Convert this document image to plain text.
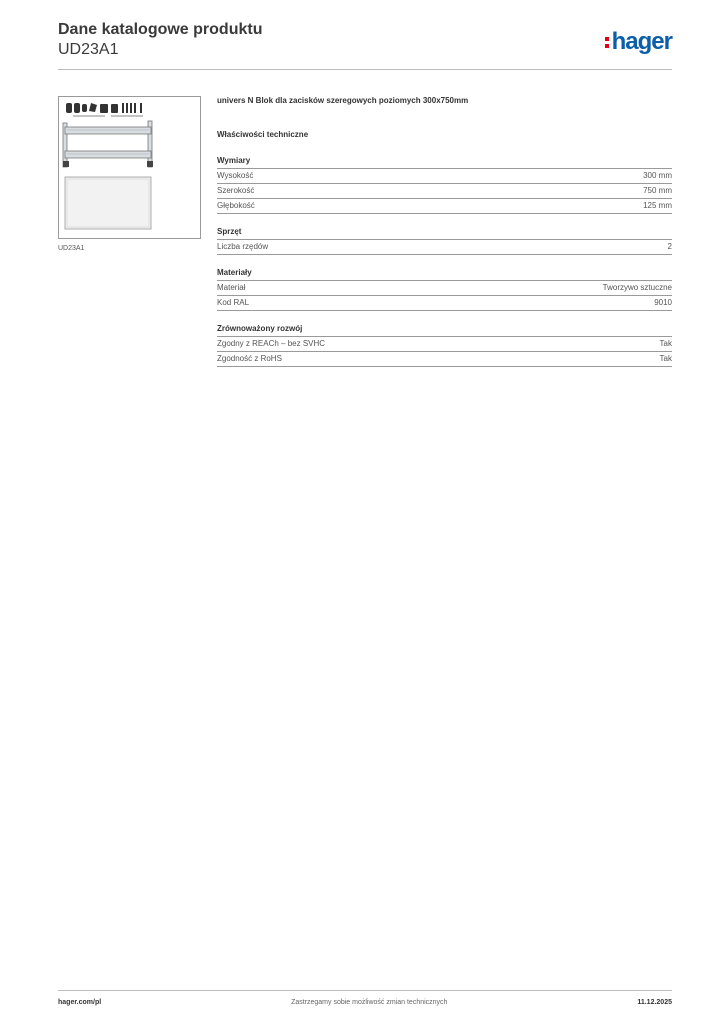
Dane katalogowe produktu
UD23A1	hager
UD23A1
univers N Blok dla zacisków szeregowych poziomych 300x750mm
Właściwości techniczne
Wymiary
Wysokość	300 mm
Szerokość	750 mm
Głębokość	125 mm
Sprzęt
Liczba rzędów	2
Materiały
Materiał	Tworzywo sztuczne
Kod RAL	9010
Zrównoważony rozwój
Zgodny z REACh – bez SVHC	Tak
Zgodność z RoHS	Tak
hager.com/pl	Zastrzegamy sobie możliwość zmian technicznych	11.12.2025
